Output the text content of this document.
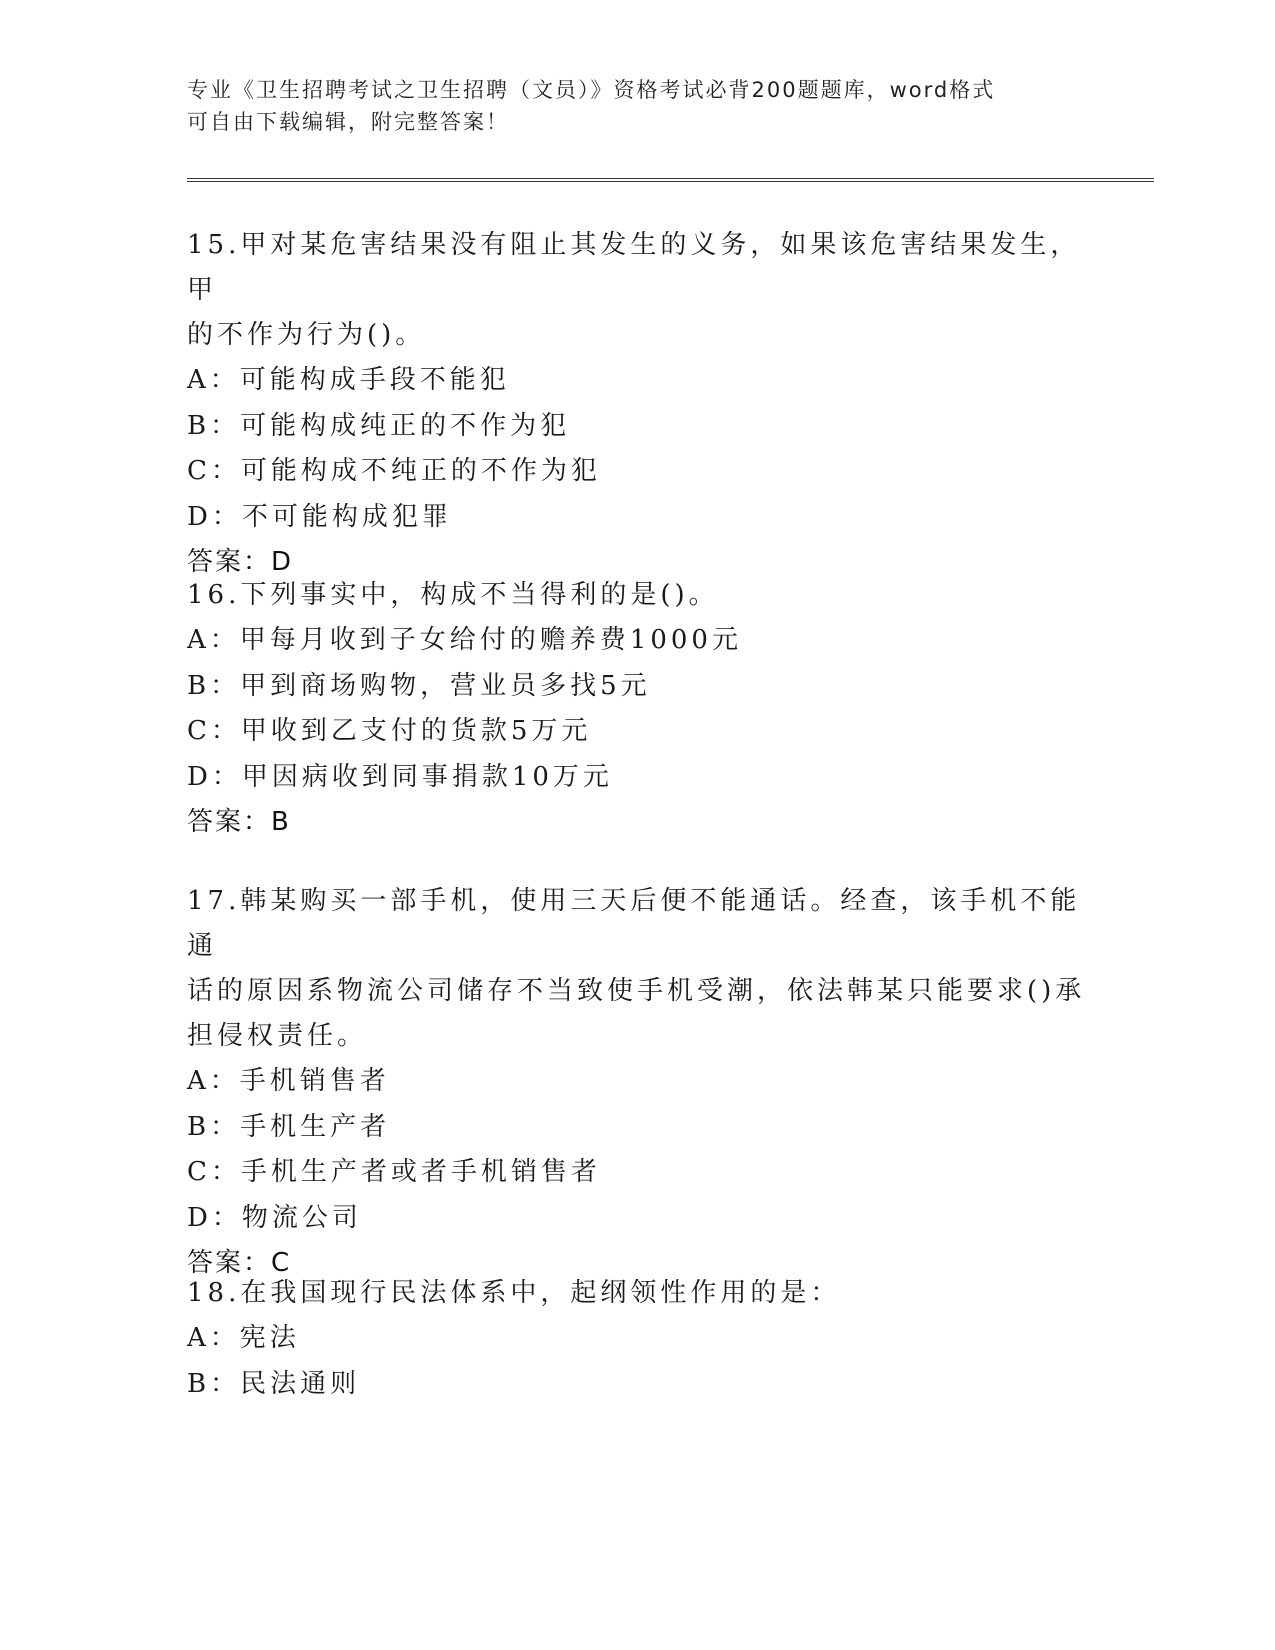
专业《卫生招聘考试之卫生招聘（文员）》资格考试必背200题题库，word格式
可自由下载编辑，附完整答案！

15.甲对某危害结果没有阻止其发生的义务，如果该危害结果发生，甲

的不作为行为()。

A：可能构成手段不能犯

B：可能构成纯正的不作为犯

C：可能构成不纯正的不作为犯

D：不可能构成犯罪

答案：D

16.下列事实中，构成不当得利的是()。

A：甲每月收到子女给付的赡养费1000元

B：甲到商场购物，营业员多找5元

C：甲收到乙支付的货款5万元

D：甲因病收到同事捐款10万元

答案：B

17.韩某购买一部手机，使用三天后便不能通话。经查，该手机不能通

话的原因系物流公司储存不当致使手机受潮，依法韩某只能要求()承

担侵权责任。

A：手机销售者

B：手机生产者

C：手机生产者或者手机销售者

D：物流公司

答案：C

18.在我国现行民法体系中，起纲领性作用的是：

A：宪法

B：民法通则
